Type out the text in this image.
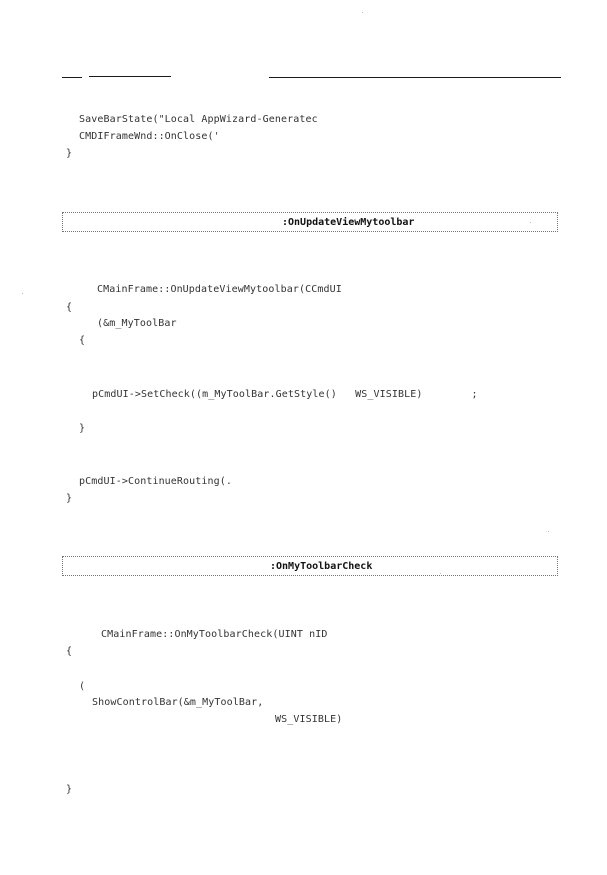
SaveBarState("Local AppWizard-Generatec
CMDIFrameWnd::OnClose('
}
:OnUpdateViewMytoolbar
CMainFrame::OnUpdateViewMytoolbar(CCmdUI
{
(&m_MyToolBar
{
pCmdUI->SetCheck((m_MyToolBar.GetStyle()   WS_VISIBLE)        ;
}
pCmdUI->ContinueRouting(.
}
:OnMyToolbarCheck
CMainFrame::OnMyToolbarCheck(UINT nID
{
(
ShowControlBar(&m_MyToolBar,
WS_VISIBLE)
}
